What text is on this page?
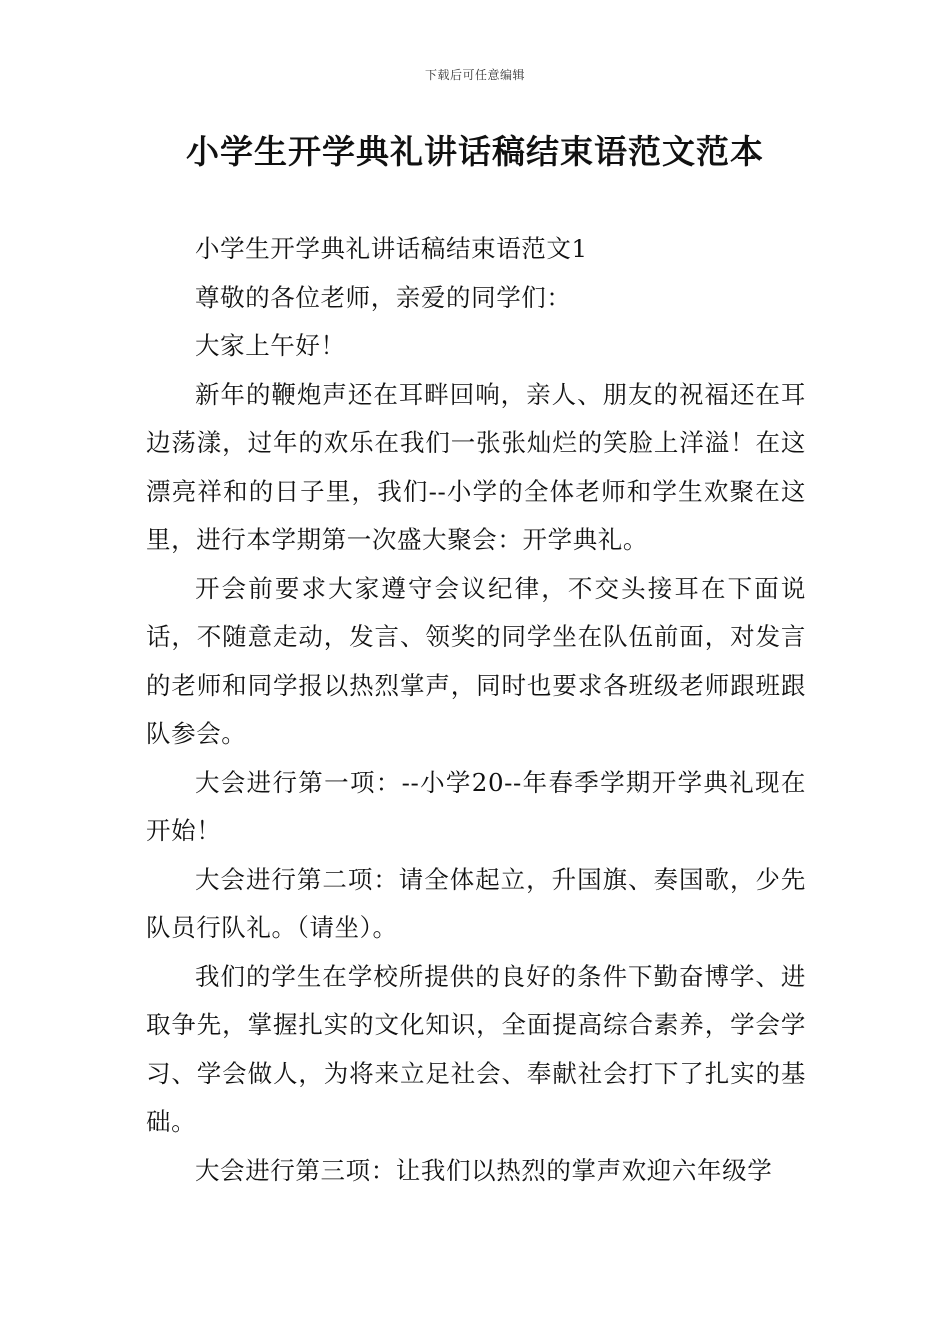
下载后可任意编辑
小学生开学典礼讲话稿结束语范文范本

小学生开学典礼讲话稿结束语范文1

尊敬的各位老师，亲爱的同学们：

大家上午好！

新年的鞭炮声还在耳畔回响，亲人、朋友的祝福还在耳边荡漾，过年的欢乐在我们一张张灿烂的笑脸上洋溢！在这漂亮祥和的日子里，我们--小学的全体老师和学生欢聚在这里，进行本学期第一次盛大聚会：开学典礼。

开会前要求大家遵守会议纪律，不交头接耳在下面说话，不随意走动，发言、领奖的同学坐在队伍前面，对发言的老师和同学报以热烈掌声，同时也要求各班级老师跟班跟队参会。

大会进行第一项：--小学20--年春季学期开学典礼现在开始！

大会进行第二项：请全体起立，升国旗、奏国歌，少先队员行队礼。（请坐）。

我们的学生在学校所提供的良好的条件下勤奋博学、进取争先，掌握扎实的文化知识，全面提高综合素养，学会学习、学会做人，为将来立足社会、奉献社会打下了扎实的基础。

大会进行第三项：让我们以热烈的掌声欢迎六年级学
